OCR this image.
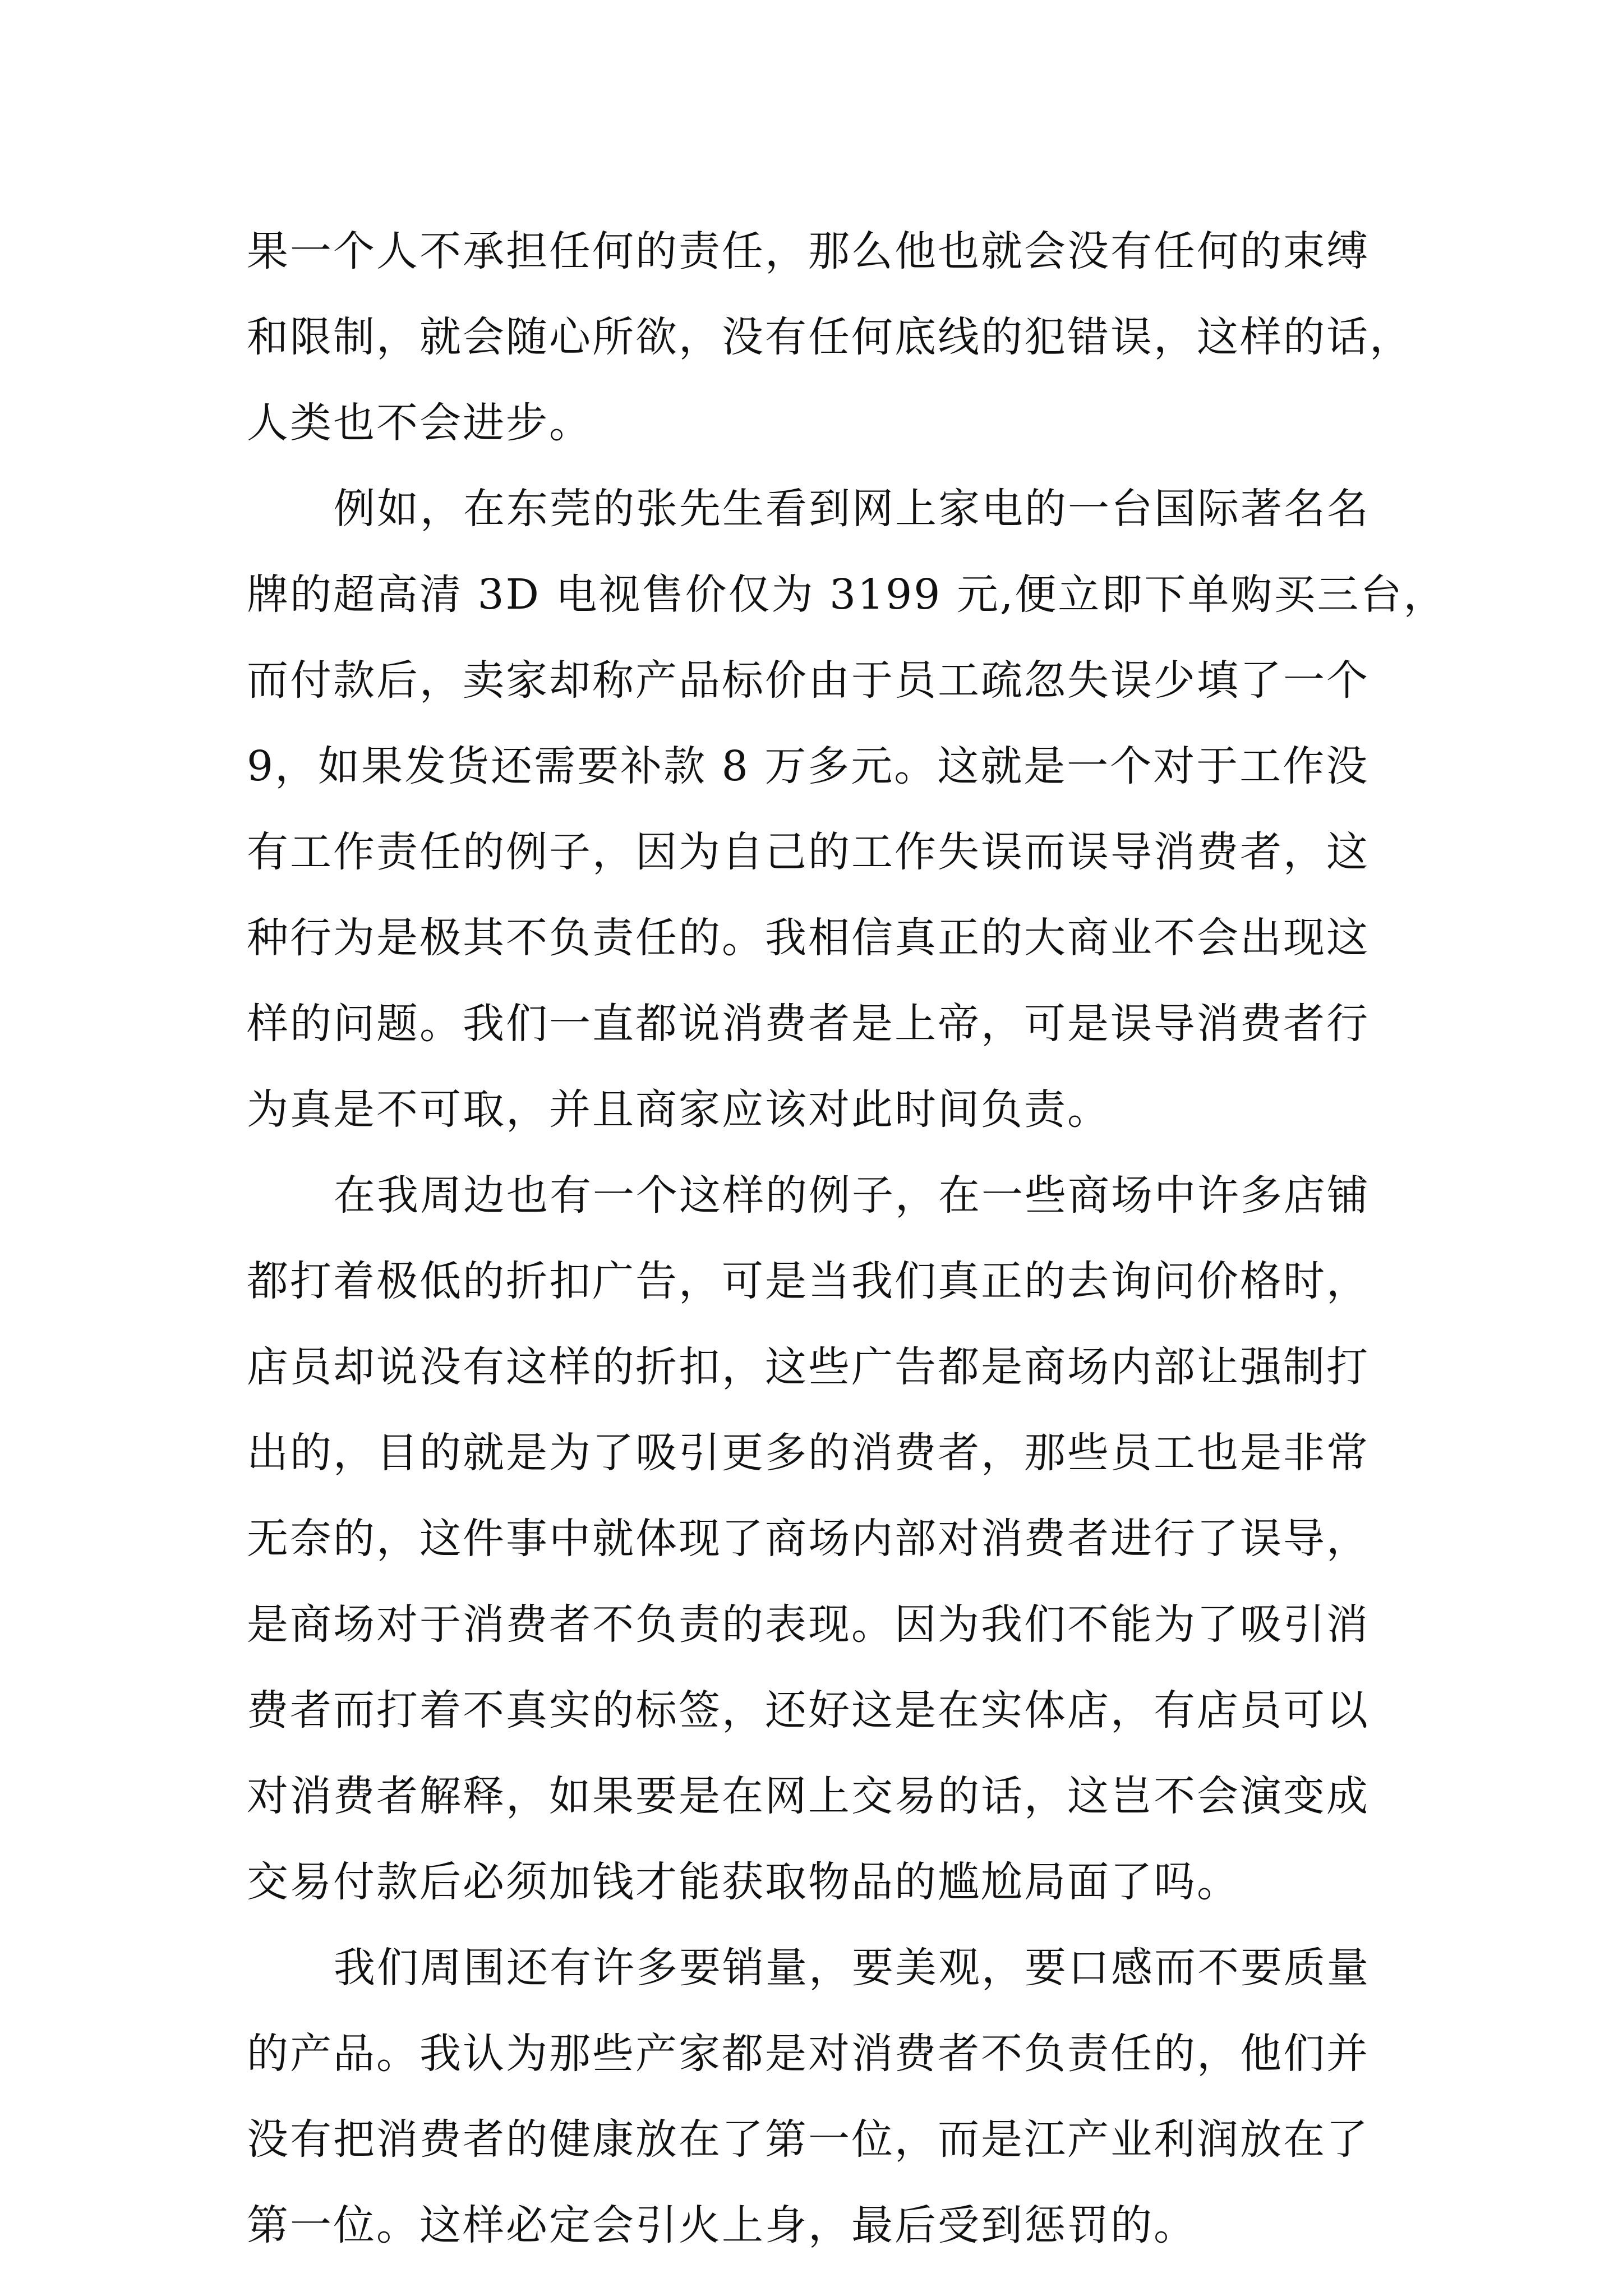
果一个人不承担任何的责任，那么他也就会没有任何的束缚
和限制，就会随心所欲，没有任何底线的犯错误，这样的话，
人类也不会进步。
例如，在东莞的张先生看到网上家电的一台国际著名名
牌的超高清 3D 电视售价仅为 3199 元,便立即下单购买三台，
而付款后，卖家却称产品标价由于员工疏忽失误少填了一个
9，如果发货还需要补款 8 万多元。这就是一个对于工作没
有工作责任的例子，因为自己的工作失误而误导消费者，这
种行为是极其不负责任的。我相信真正的大商业不会出现这
样的问题。我们一直都说消费者是上帝，可是误导消费者行
为真是不可取，并且商家应该对此时间负责。
在我周边也有一个这样的例子，在一些商场中许多店铺
都打着极低的折扣广告，可是当我们真正的去询问价格时，
店员却说没有这样的折扣，这些广告都是商场内部让强制打
出的，目的就是为了吸引更多的消费者，那些员工也是非常
无奈的，这件事中就体现了商场内部对消费者进行了误导，
是商场对于消费者不负责的表现。因为我们不能为了吸引消
费者而打着不真实的标签，还好这是在实体店，有店员可以
对消费者解释，如果要是在网上交易的话，这岂不会演变成
交易付款后必须加钱才能获取物品的尴尬局面了吗。
我们周围还有许多要销量，要美观，要口感而不要质量
的产品。我认为那些产家都是对消费者不负责任的，他们并
没有把消费者的健康放在了第一位，而是江产业利润放在了
第一位。这样必定会引火上身，最后受到惩罚的。
